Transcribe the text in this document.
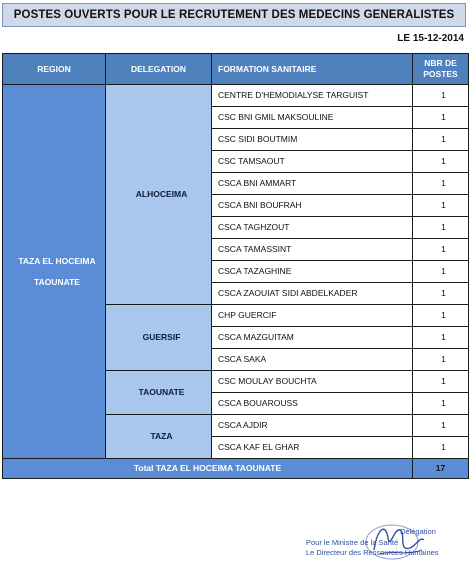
POSTES OUVERTS POUR LE RECRUTEMENT DES MEDECINS GENERALISTES
LE 15-12-2014
REGION	DELEGATION	FORMATION SANITAIRE	NBR DE
POSTES
TAZA EL HOCEIMA
TAOUNATE	ALHOCEIMA	CENTRE D'HEMODIALYSE TARGUIST	1
		CSC BNI GMIL MAKSOULINE	1
		CSC SIDI BOUTMIM	1
		CSC TAMSAOUT	1
		CSCA BNI AMMART	1
		CSCA BNI BOUFRAH	1
		CSCA TAGHZOUT	1
		CSCA TAMASSINT	1
		CSCA TAZAGHINE	1
		CSCA ZAOUIAT SIDI ABDELKADER	1
	GUERSIF	CHP GUERCIF	1
		CSCA MAZGUITAM	1
		CSCA SAKA	1
	TAOUNATE	CSC MOULAY BOUCHTA	1
		CSCA BOUAROUSS	1
	TAZA	CSCA AJDIR	1
		CSCA KAF EL GHAR	1
Total TAZA EL HOCEIMA TAOUNATE			17
Pour le Ministre de la Santé
Le Directeur des Ressources Humaines
Délégation
